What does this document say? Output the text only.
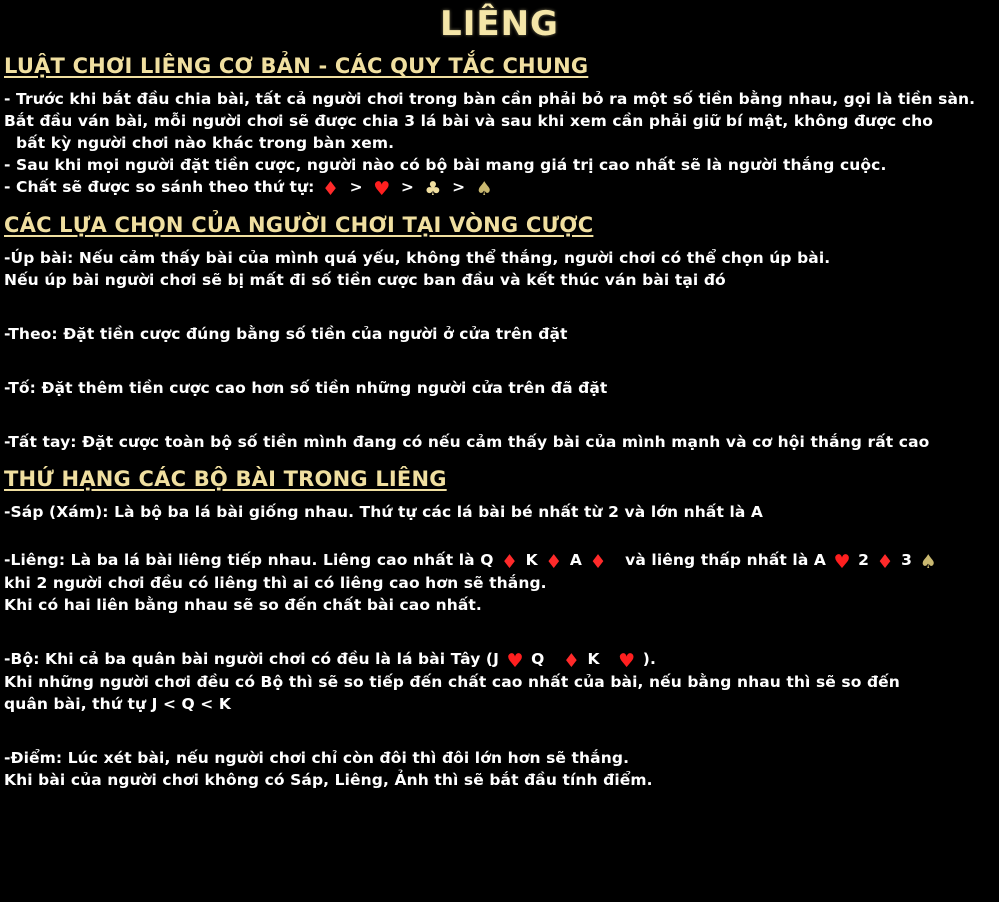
LIÊNG
LUẬT CHƠI LIÊNG CƠ BẢN - CÁC QUY TẮC CHUNG

- Trước khi bắt đầu chia bài, tất cả người chơi trong bàn cần phải bỏ ra một số tiền bằng nhau, gọi là tiền sàn.

Bắt đầu ván bài, mỗi người chơi sẽ được chia 3 lá bài và sau khi xem cần phải giữ bí mật, không được cho

bất kỳ người chơi nào khác trong bàn xem.

- Sau khi mọi người đặt tiền cược, người nào có bộ bài mang giá trị cao nhất sẽ là người thắng cuộc.

- Chất sẽ được so sánh theo thứ tự: ♦ > ♥ > ♣ > ♠

CÁC LỰA CHỌN CỦA NGƯỜI CHƠI TẠI VÒNG CƯỢC

-Úp bài: Nếu cảm thấy bài của mình quá yếu, không thể thắng, người chơi có thể chọn úp bài.

Nếu úp bài người chơi sẽ bị mất đi số tiền cược ban đầu và kết thúc ván bài tại đó

-Theo: Đặt tiền cược đúng bằng số tiền của người ở cửa trên đặt

-Tố: Đặt thêm tiền cược cao hơn số tiền những người cửa trên đã đặt

-Tất tay: Đặt cược toàn bộ số tiền mình đang có nếu cảm thấy bài của mình mạnh và cơ hội thắng rất cao

THỨ HẠNG CÁC BỘ BÀI TRONG LIÊNG

-Sáp (Xám): Là bộ ba lá bài giống nhau. Thứ tự các lá bài bé nhất từ 2 và lớn nhất là A

-Liêng: Là ba lá bài liêng tiếp nhau. Liêng cao nhất là Q ♦ K ♦ A ♦ và liêng thấp nhất là A ♥ 2 ♦ 3 ♠

khi 2 người chơi đều có liêng thì ai có liêng cao hơn sẽ thắng.

Khi có hai liên bằng nhau sẽ so đến chất bài cao nhất.

-Bộ: Khi cả ba quân bài người chơi có đều là lá bài Tây (J ♥ Q ♦ K ♥ ).

Khi những người chơi đều có Bộ thì sẽ so tiếp đến chất cao nhất của bài, nếu bằng nhau thì sẽ so đến

quân bài, thứ tự J < Q < K

-Điểm: Lúc xét bài, nếu người chơi chỉ còn đôi thì đôi lớn hơn sẽ thắng.

Khi bài của người chơi không có Sáp, Liêng, Ảnh thì sẽ bắt đầu tính điểm.
